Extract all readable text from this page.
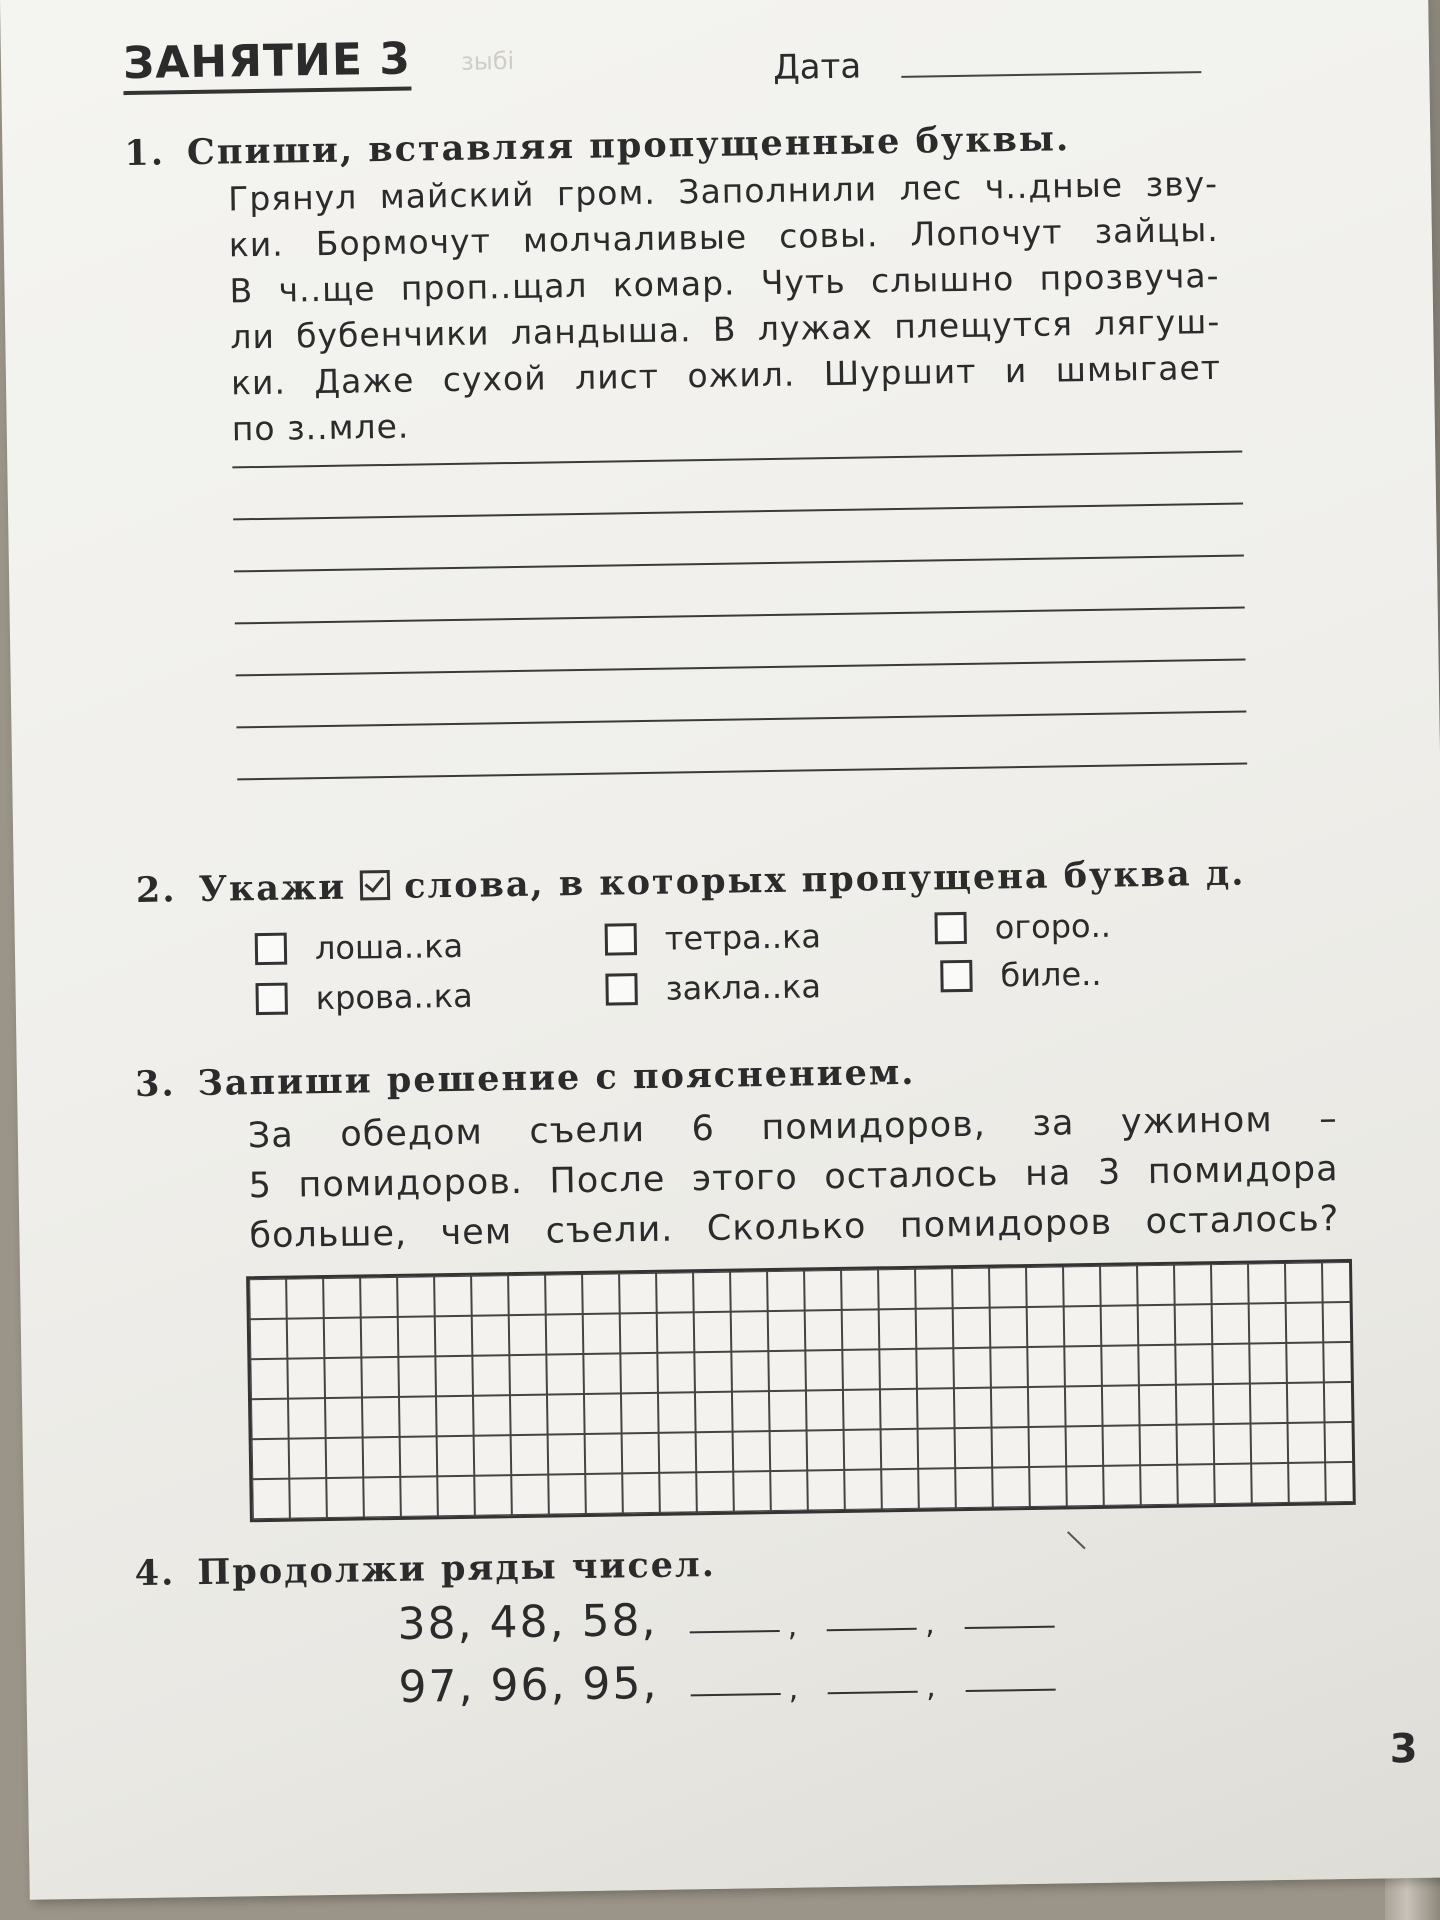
ЗАНЯТИЕ 3 зыбі	Дата
1. Спиши, вставляя пропущенные буквы.
Грянул майский гром. Заполнили лес ч..дные зву-
ки. Бормочут молчаливые совы. Лопочут зайцы.
В ч..ще проп..щал комар. Чуть слышно прозвуча-
ли бубенчики ландыша. В лужах плещутся лягуш-
ки. Даже сухой лист ожил. Шуршит и шмыгает
по з..мле.
2. Укажи слова, в которых пропущена буква д.
лоша..ка	тетра..ка	огоро..
крова..ка	закла..ка	биле..
3. Запиши решение с пояснением.
За обедом съели 6 помидоров, за ужином –
5 помидоров. После этого осталось на 3 помидора
больше, чем съели. Сколько помидоров осталось?
4. Продолжи ряды чисел.
38, 48, 58,	,	,
97, 96, 95,	,	,
3
